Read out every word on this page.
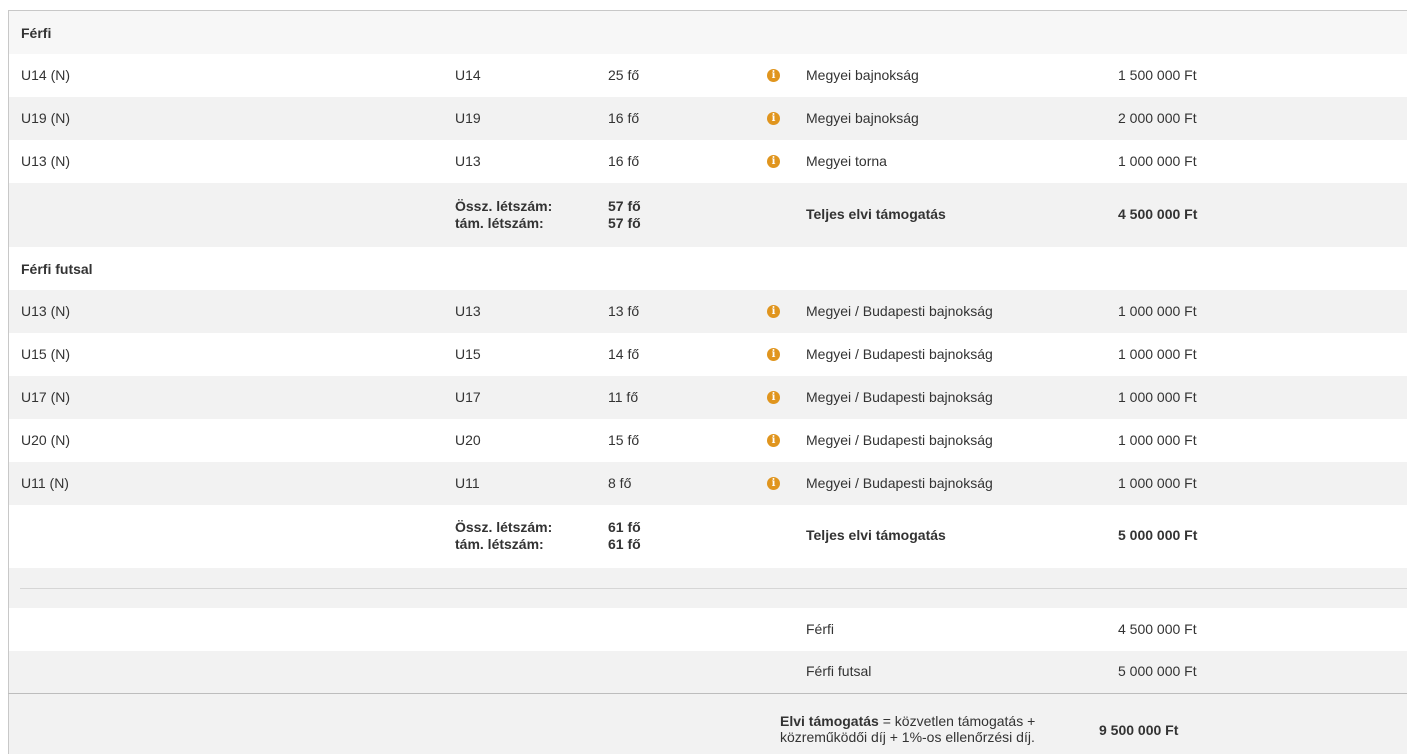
Férfi
U14 (N)	U14	25 fő	i	Megyei bajnokság	1 500 000 Ft
U19 (N)	U19	16 fő	i	Megyei bajnokság	2 000 000 Ft
U13 (N)	U13	16 fő	i	Megyei torna	1 000 000 Ft
Össz. létszám:	57 fő
tám. létszám:	57 fő
Teljes elvi támogatás	4 500 000 Ft
Férfi futsal
U13 (N)	U13	13 fő	i	Megyei / Budapesti bajnokság	1 000 000 Ft
U15 (N)	U15	14 fő	i	Megyei / Budapesti bajnokság	1 000 000 Ft
U17 (N)	U17	11 fő	i	Megyei / Budapesti bajnokság	1 000 000 Ft
U20 (N)	U20	15 fő	i	Megyei / Budapesti bajnokság	1 000 000 Ft
U11 (N)	U11	8 fő	i	Megyei / Budapesti bajnokság	1 000 000 Ft
Össz. létszám:	61 fő
tám. létszám:	61 fő
Teljes elvi támogatás	5 000 000 Ft
Férfi	4 500 000 Ft
Férfi futsal	5 000 000 Ft
Elvi támogatás = közvetlen támogatás +
közreműködői díj + 1%-os ellenőrzési díj.	9 500 000 Ft
